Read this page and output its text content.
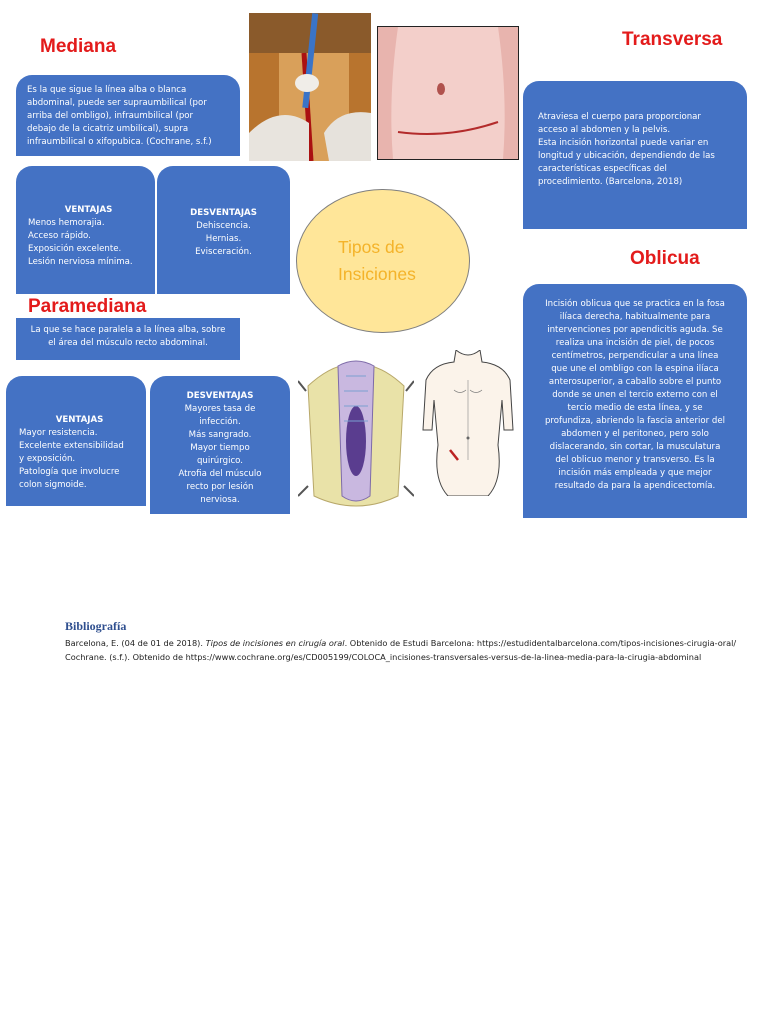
Mediana	Transversa
Paramediana
Oblicua
Es la que sigue la línea alba o blanca
abdominal, puede ser supraumbilical (por
arriba del ombligo), infraumbilical (por
debajo de la cicatriz umbilical), supra
infraumbilical o xifopubica. (Cochrane, s.f.)
VENTAJAS
Menos hemorajia.
Acceso rápido.
Exposición excelente.
Lesión nerviosa mínima.
DESVENTAJAS
Dehiscencia.
Hernias.
Evisceración.	Tipos de
Insiciones
Atraviesa el cuerpo para proporcionar
acceso al abdomen y la pelvis.
Esta incisión horizontal puede variar en
longitud y ubicación, dependiendo de las
características específicas del
procedimiento. (Barcelona, 2018)
La que se hace paralela a la línea alba, sobre
el área del músculo recto abdominal.
VENTAJAS
Mayor resistencia.
Excelente extensibilidad
y exposición.
Patología que involucre
colon sigmoide.
DESVENTAJAS
Mayores tasa de
infección.
Más sangrado.
Mayor tiempo
quirúrgico.
Atrofia del músculo
recto por lesión
nerviosa.
Incisión oblicua que se practica en la fosa
ilíaca derecha, habitualmente para
intervenciones por apendicitis aguda. Se
realiza una incisión de piel, de pocos
centímetros, perpendicular a una línea
que une el ombligo con la espina ilíaca
anterosuperior, a caballo sobre el punto
donde se unen el tercio externo con el
tercio medio de esta línea, y se
profundiza, abriendo la fascia anterior del
abdomen y el peritoneo, pero solo
dislacerando, sin cortar, la musculatura
del oblicuo menor y transverso. Es la
incisión más empleada y que mejor
resultado da para la apendicectomía.
Bibliografía
Barcelona, E. (04 de 01 de 2018). Tipos de incisiones en cirugía oral. Obtenido de Estudi Barcelona: https://estudidentalbarcelona.com/tipos-incisiones-cirugia-oral/
Cochrane. (s.f.). Obtenido de https://www.cochrane.org/es/CD005199/COLOCA_incisiones-transversales-versus-de-la-linea-media-para-la-cirugia-abdominal
